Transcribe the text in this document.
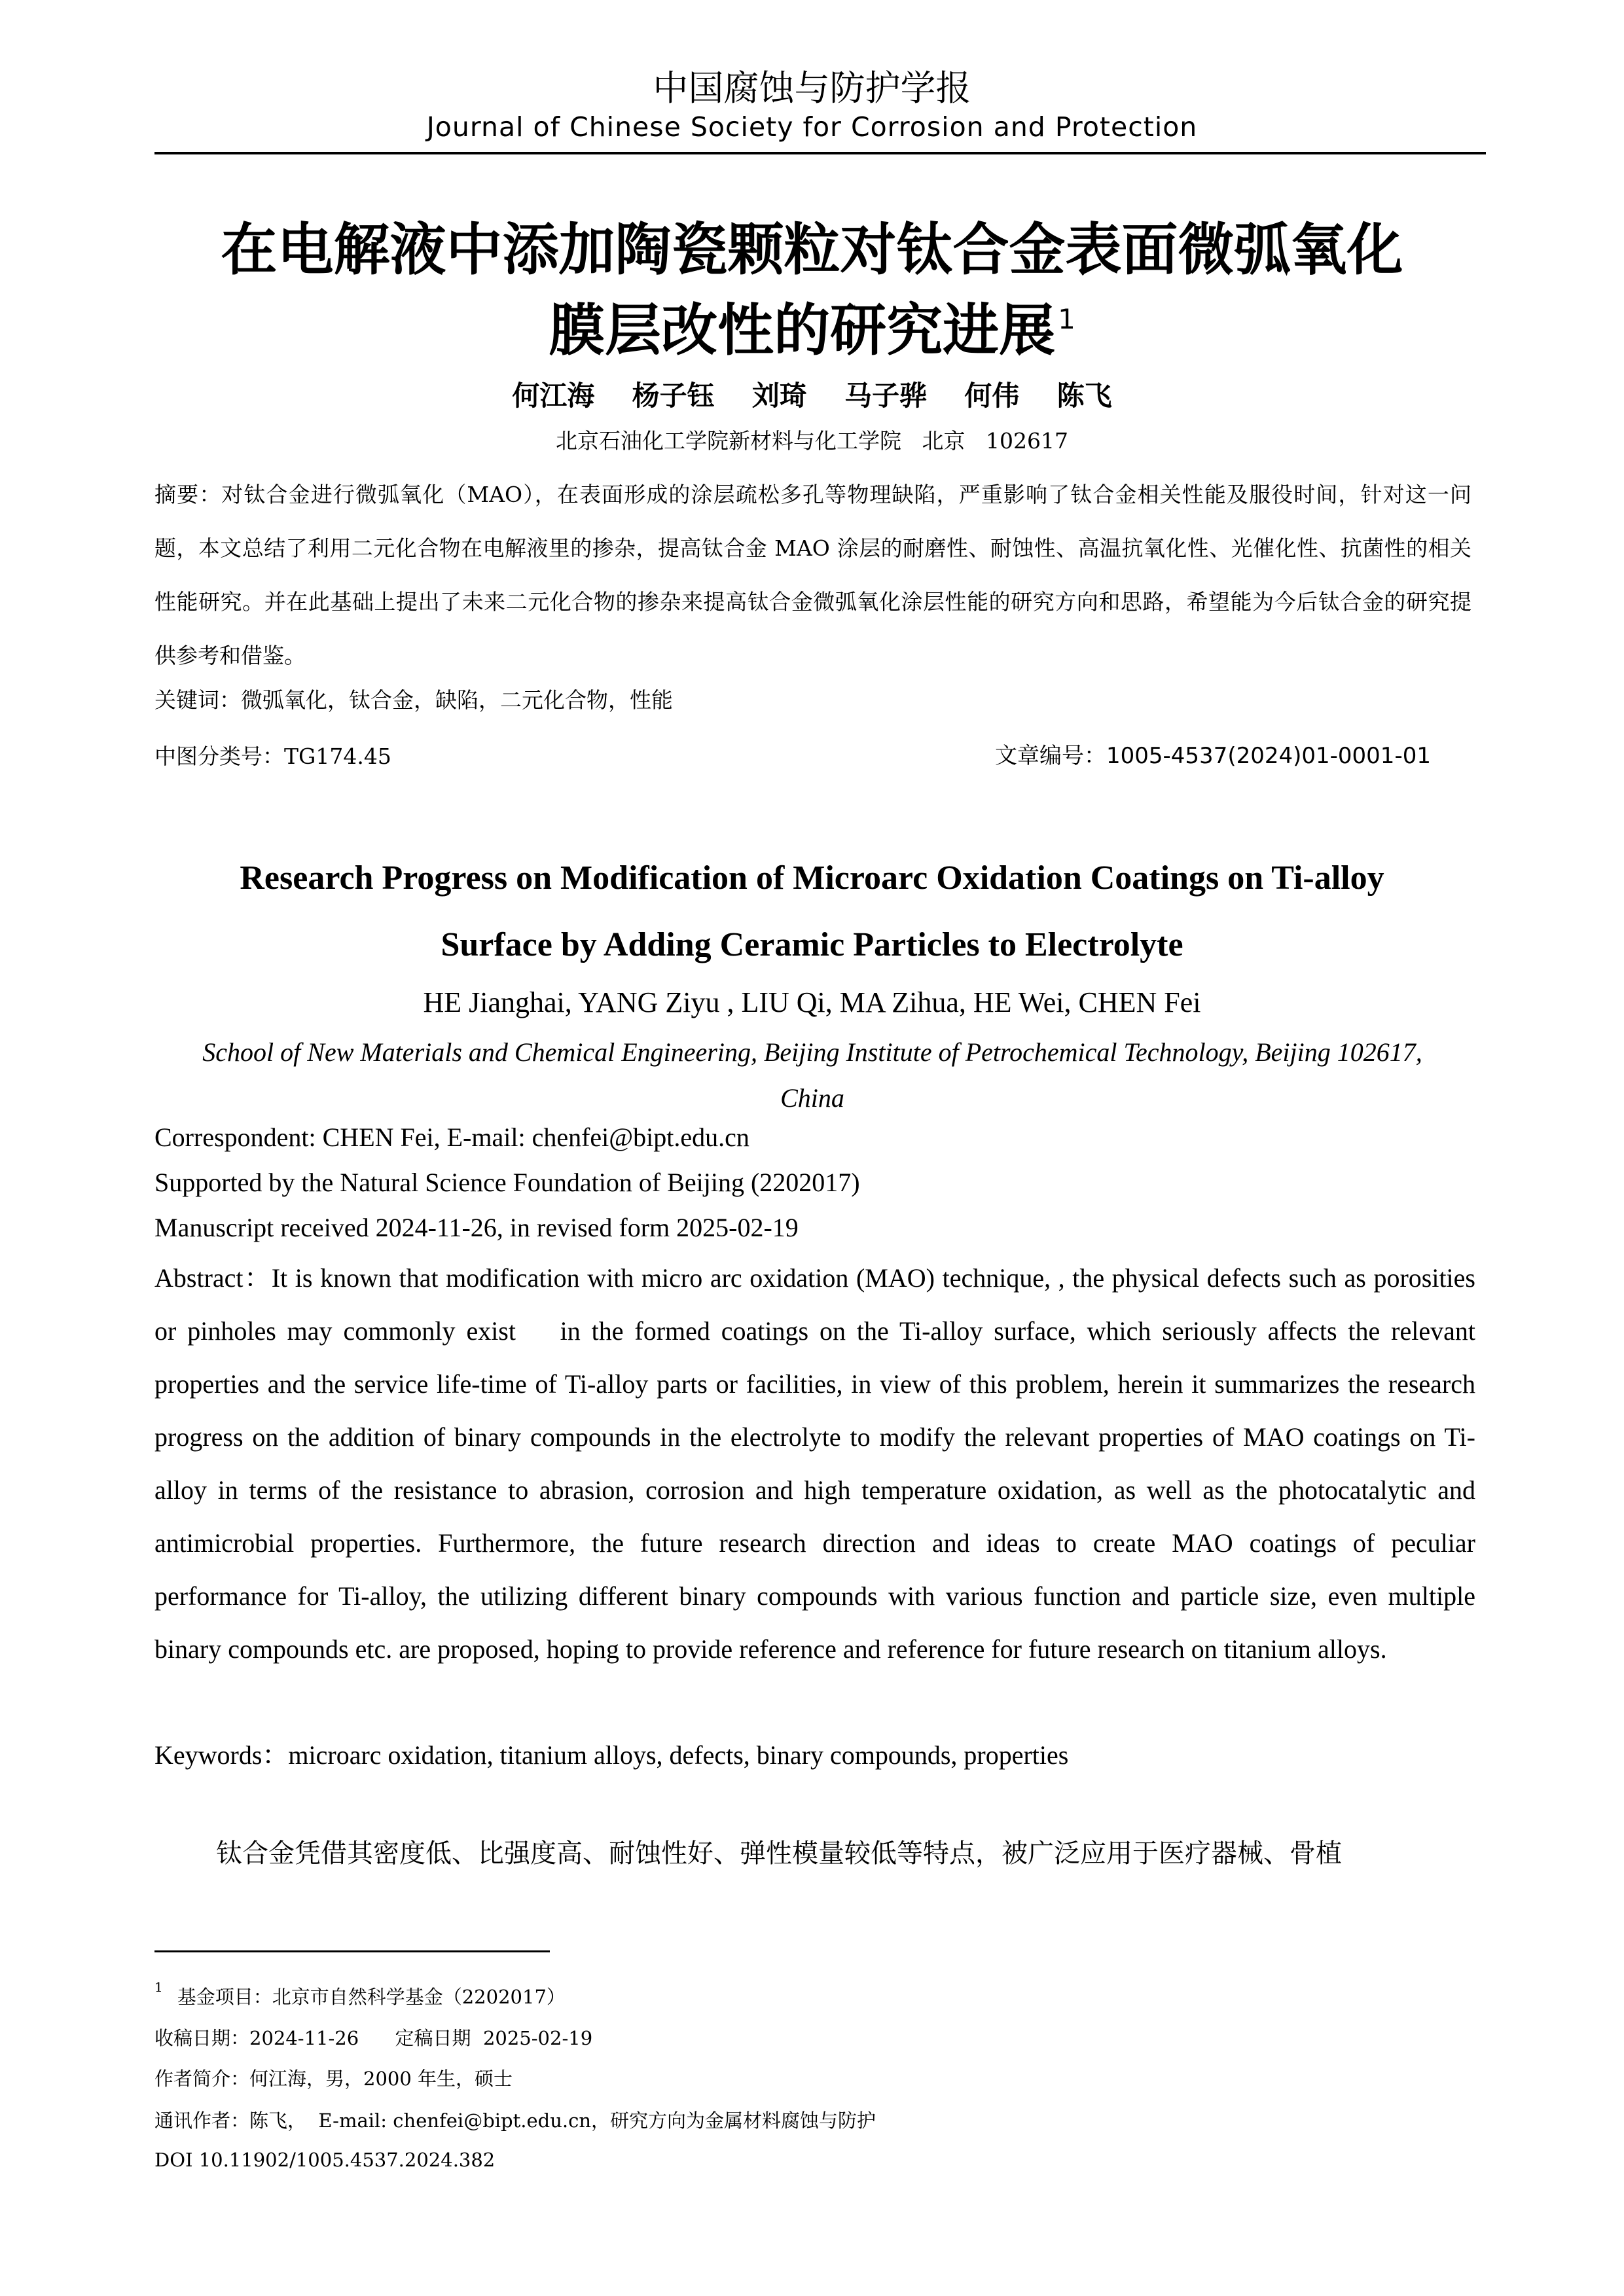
中国腐蚀与防护学报
Journal of Chinese Society for Corrosion and Protection
在电解液中添加陶瓷颗粒对钛合金表面微弧氧化
膜层改性的研究进展$^1$
何江海  杨子钰  刘琦  马子骅  何伟  陈飞
北京石油化工学院新材料与化工学院   北京   102617
摘要：对钛合金进行微弧氧化（MAO），在表面形成的涂层疏松多孔等物理缺陷，严重影响了钛合金相关性能及服役时间，针对这一问题，本文总结了利用二元化合物在电解液里的掺杂，提高钛合金 MAO 涂层的耐磨性、耐蚀性、高温抗氧化性、光催化性、抗菌性的相关性能研究。并在此基础上提出了未来二元化合物的掺杂来提高钛合金微弧氧化涂层性能的研究方向和思路，希望能为今后钛合金的研究提供参考和借鉴。
关键词：微弧氧化，钛合金，缺陷，二元化合物，性能
中图分类号：TG174.45	文章编号：1005-4537(2024)01-0001-01
Research Progress on Modification of Microarc Oxidation Coatings on Ti-alloy
Surface by Adding Ceramic Particles to Electrolyte
HE Jianghai, YANG Ziyu , LIU Qi, MA Zihua, HE Wei, CHEN Fei
School of New Materials and Chemical Engineering, Beijing Institute of Petrochemical Technology, Beijing 102617, China
Correspondent: CHEN Fei, E-mail: chenfei@bipt.edu.cn
Supported by the Natural Science Foundation of Beijing (2202017)
Manuscript received 2024-11-26, in revised form 2025-02-19
Abstract：It is known that modification with micro arc oxidation (MAO) technique, , the physical defects such as porosities or pinholes may commonly exist    in the formed coatings on the Ti-alloy surface, which seriously affects the relevant properties and the service life-time of Ti-alloy parts or facilities, in view of this problem, herein it summarizes the research progress on the addition of binary compounds in the electrolyte to modify the relevant properties of MAO coatings on Ti-alloy in terms of the resistance to abrasion, corrosion and high temperature oxidation, as well as the photocatalytic and antimicrobial properties. Furthermore, the future research direction and ideas to create MAO coatings of peculiar performance for Ti-alloy, the utilizing different binary compounds with various function and particle size, even multiple binary compounds etc. are proposed, hoping to provide reference and reference for future research on titanium alloys.
Keywords：microarc oxidation, titanium alloys, defects, binary compounds, properties
钛合金凭借其密度低、比强度高、耐蚀性好、弹性模量较低等特点，被广泛应用于医疗器械、骨植
$^1$ 基金项目：北京市自然科学基金（2202017）
收稿日期：2024-11-26      定稿日期  2025-02-19
作者简介：何江海，男，2000 年生，硕士
通讯作者：陈飞，  E-mail: chenfei@bipt.edu.cn，研究方向为金属材料腐蚀与防护
DOI 10.11902/1005.4537.2024.382
